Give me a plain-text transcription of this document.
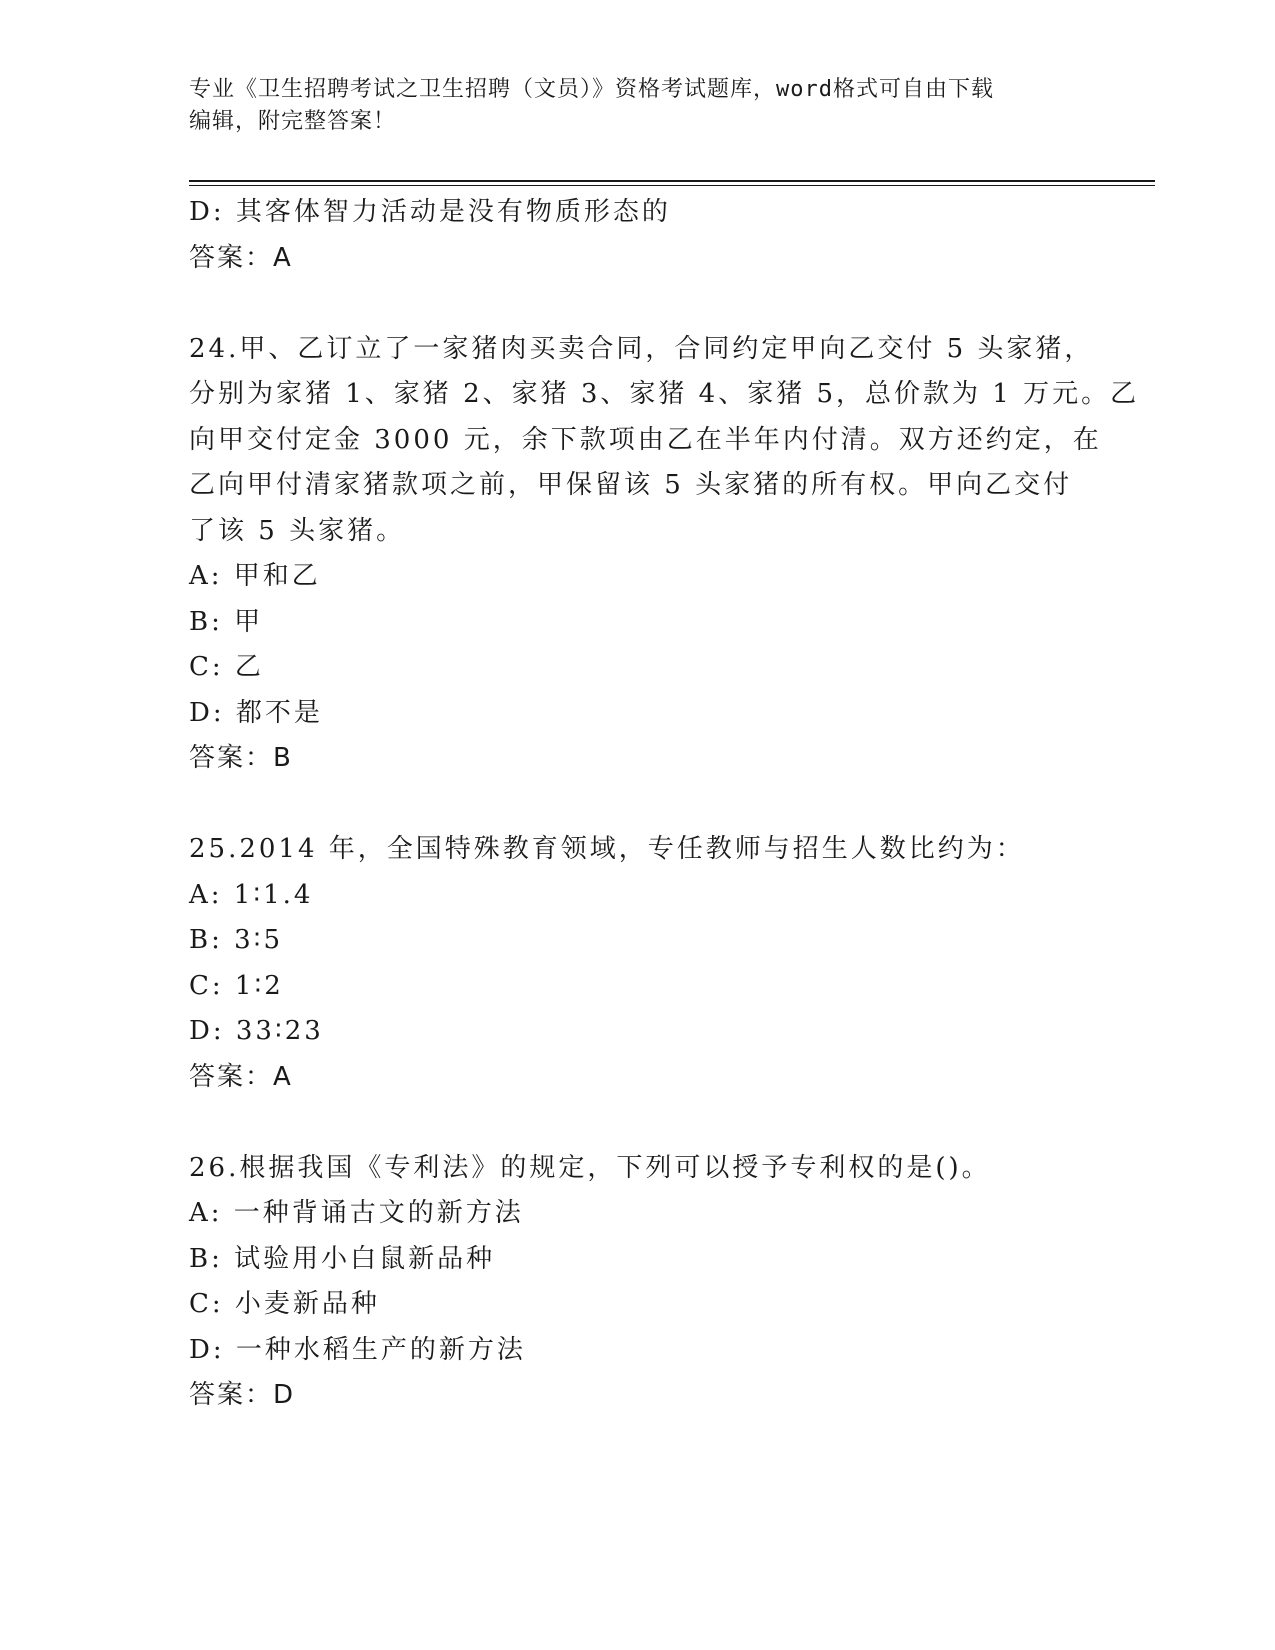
专业《卫生招聘考试之卫生招聘（文员）》资格考试题库，word格式可自由下载
编辑，附完整答案！
D: 其客体智力活动是没有物质形态的
答案：A
24.甲、乙订立了一家猪肉买卖合同，合同约定甲向乙交付 5 头家猪，
分别为家猪 1、家猪 2、家猪 3、家猪 4、家猪 5，总价款为 1 万元。乙
向甲交付定金 3000 元，余下款项由乙在半年内付清。双方还约定，在
乙向甲付清家猪款项之前，甲保留该 5 头家猪的所有权。甲向乙交付
了该 5 头家猪。
A: 甲和乙
B: 甲
C: 乙
D: 都不是
答案：B
25.2014 年，全国特殊教育领域，专任教师与招生人数比约为：
A: 1∶1.4
B: 3∶5
C: 1∶2
D: 33∶23
答案：A
26.根据我国《专利法》的规定，下列可以授予专利权的是()。
A: 一种背诵古文的新方法
B: 试验用小白鼠新品种
C: 小麦新品种
D: 一种水稻生产的新方法
答案：D
